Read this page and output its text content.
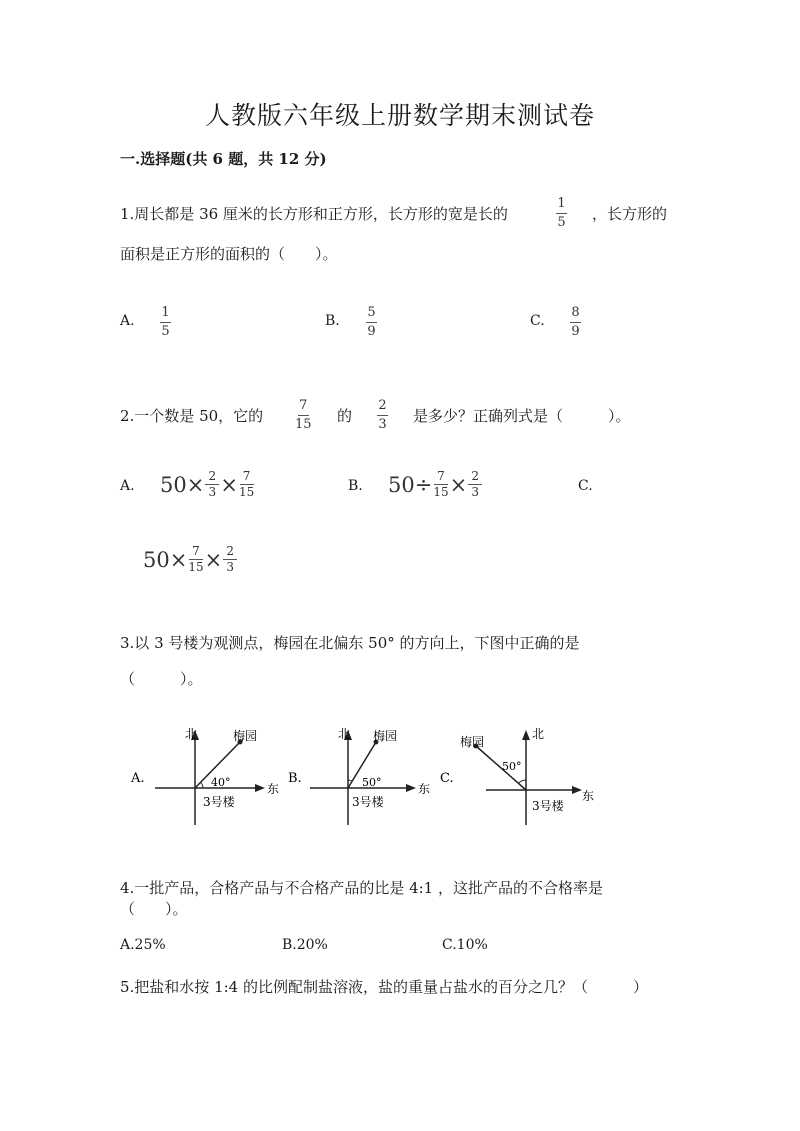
人教版六年级上册数学期末测试卷
一.选择题(共 6 题，共 12 分)
1.周长都是 36 厘米的长方形和正方形，长方形的宽是长的
1
5 ，长方形的
面积是正方形的面积的（　　）。
A.
1
5
B.
5
9
C.
8
9
2.一个数是 50，它的
7
15 的
2
3 是多少？正确列式是（　　　）。
A. $50 \times \frac{2}{3} \times \frac{7}{15}$	B. $50 \div \frac{7}{15} \times \frac{2}{3}$	C.
$50 \times \frac{7}{15} \times \frac{2}{3}$
3.以 3 号楼为观测点，梅园在北偏东 50° 的方向上，下图中正确的是
（　　　）。
A.
北
东
梅园
40°
3号楼
B.
北
东
梅园
50°
3号楼
C.
北
东
梅园
50°
3号楼
4.一批产品，合格产品与不合格产品的比是 4:1 ，这批产品的不合格率是
（　　）。
A.25%	B.20%	C.10%
5.把盐和水按 1:4 的比例配制盐溶液，盐的重量占盐水的百分之几？（　　　）
